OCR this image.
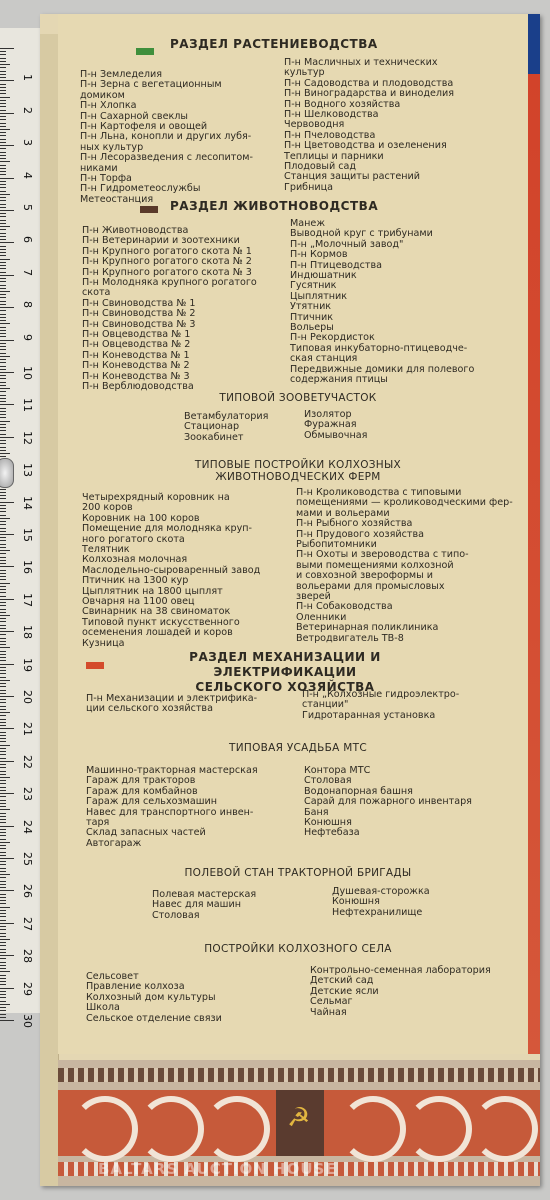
1
2
3
4
5
6
7
8
9
10
11
12
13
14
15
16
17
18
19
20
21
22
23
24
25
26
27
28
29
30
РАЗДЕЛ РАСТЕНИЕВОДСТВА
П-н Земледелия
П-н Зерна с вегетационным
домиком
П-н Хлопка
П-н Сахарной свеклы
П-н Картофеля и овощей
П-н Льна, конопли и других лубя-
ных культур
П-н Лесоразведения с лесопитом-
никами
П-н Торфа
П-н Гидрометеослужбы
Метеостанция
П-н Масличных и технических
культур
П-н Садоводства и плодоводства
П-н Виноградарства и виноделия
П-н Водного хозяйства
П-н Шелководства
Червоводня
П-н Пчеловодства
П-н Цветоводства и озеленения
Теплицы и парники
Плодовый сад
Станция защиты растений
Грибница
РАЗДЕЛ ЖИВОТНОВОДСТВА
П-н Животноводства
П-н Ветеринарии и зоотехники
П-н Крупного рогатого скота № 1
П-н Крупного рогатого скота № 2
П-н Крупного рогатого скота № 3
П-н Молодняка крупного рогатого
скота
П-н Свиноводства № 1
П-н Свиноводства № 2
П-н Свиноводства № 3
П-н Овцеводства № 1
П-н Овцеводства № 2
П-н Коневодства № 1
П-н Коневодства № 2
П-н Коневодства № 3
П-н Верблюдоводства
Манеж
Выводной круг с трибунами
П-н „Молочный завод"
П-н Кормов
П-н Птицеводства
Индюшатник
Гусятник
Цыплятник
Утятник
Птичник
Вольеры
П-н Рекордисток
Типовая инкубаторно-птицеводче-
ская станция
Передвижные домики для полевого
содержания птицы
ТИПОВОЙ ЗООВЕТУЧАСТОК
Ветамбулатория
Стационар
Зоокабинет
Изолятор
Фуражная
Обмывочная
ТИПОВЫЕ ПОСТРОЙКИ КОЛХОЗНЫХ
ЖИВОТНОВОДЧЕСКИХ ФЕРМ
Четырехрядный коровник на
200 коров
Коровник на 100 коров
Помещение для молодняка круп-
ного рогатого скота
Телятник
Колхозная молочная
Маслодельно-сыроваренный завод
Птичник на 1300 кур
Цыплятник на 1800 цыплят
Овчарня на 1100 овец
Свинарник на 38 свиноматок
Типовой пункт искусственного
осеменения лошадей и коров
Кузница
П-н Кролиководства с типовыми
помещениями — кролиководческими фер-
мами и вольерами
П-н Рыбного хозяйства
П-н Прудового хозяйства
Рыбопитомники
П-н Охоты и звероводства с типо-
выми помещениями колхозной
и совхозной звероформы и
вольерами для промысловых
зверей
П-н Собаководства
Оленники
Ветеринарная поликлиника
Ветродвигатель ТВ-8
РАЗДЕЛ МЕХАНИЗАЦИИ И ЭЛЕКТРИФИКАЦИИ
СЕЛЬСКОГО ХОЗЯЙСТВА
П-н Механизации и электрифика-
ции сельского хозяйства
П-н „Колхозные гидроэлектро-
станции"
Гидротаранная установка
ТИПОВАЯ УСАДЬБА МТС
Машинно-тракторная мастерская
Гараж для тракторов
Гараж для комбайнов
Гараж для сельхозмашин
Навес для транспортного инвен-
таря
Склад запасных частей
Автогараж
Контора МТС
Столовая
Водонапорная башня
Сарай для пожарного инвентаря
Баня
Конюшня
Нефтебаза
ПОЛЕВОЙ СТАН ТРАКТОРНОЙ БРИГАДЫ
Полевая мастерская
Навес для машин
Столовая
Душевая-сторожка
Конюшня
Нефтехранилище
ПОСТРОЙКИ КОЛХОЗНОГО СЕЛА
Сельсовет
Правление колхоза
Колхозный дом культуры
Школа
Сельское отделение связи
Контрольно-семенная лаборатория
Детский сад
Детские ясли
Сельмаг
Чайная
☭
BALTARS AUCTION HOUSE
